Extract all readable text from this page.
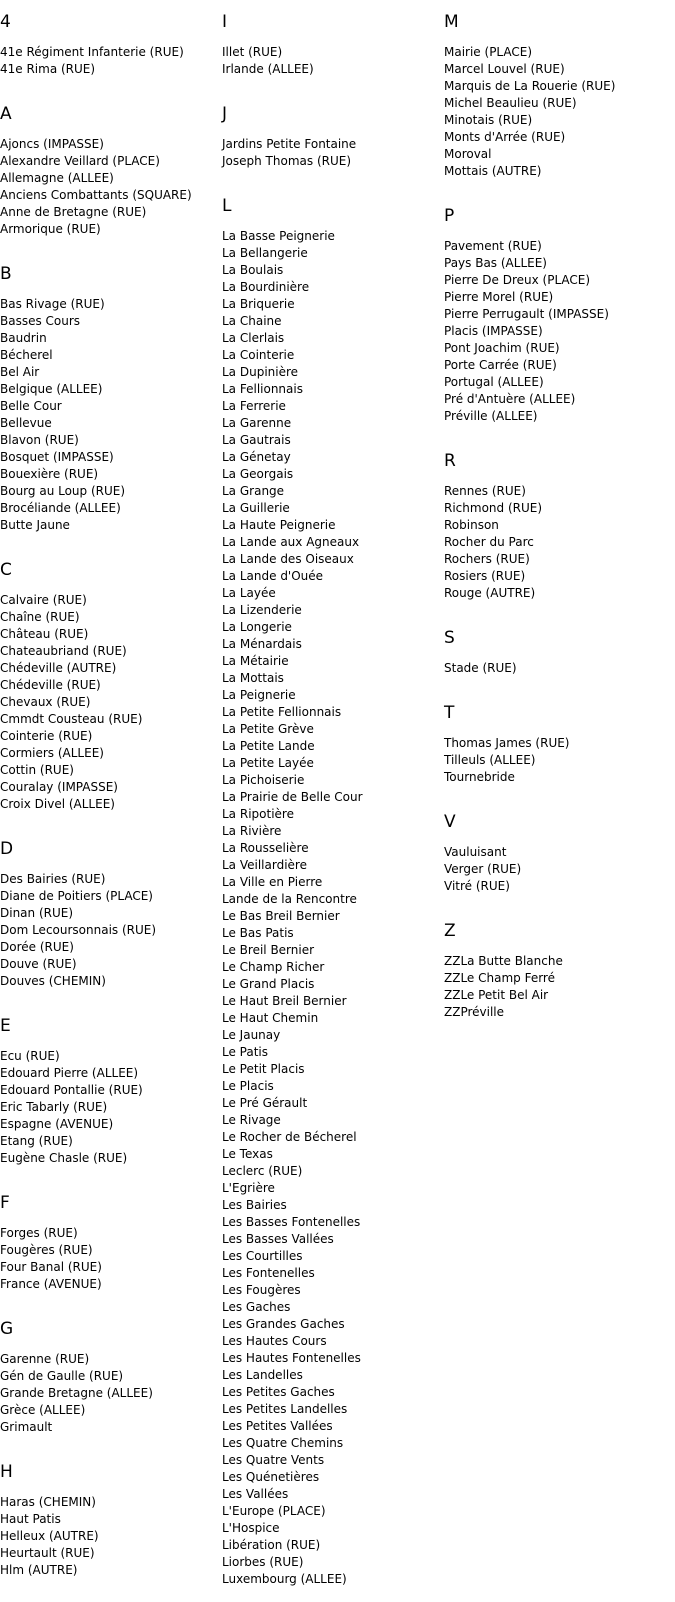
4
41e Régiment Infanterie (RUE)
41e Rima (RUE)
A
Ajoncs (IMPASSE)
Alexandre Veillard (PLACE)
Allemagne (ALLEE)
Anciens Combattants (SQUARE)
Anne de Bretagne (RUE)
Armorique (RUE)
B
Bas Rivage (RUE)
Basses Cours
Baudrin
Bécherel
Bel Air
Belgique (ALLEE)
Belle Cour
Bellevue
Blavon (RUE)
Bosquet (IMPASSE)
Bouexière (RUE)
Bourg au Loup (RUE)
Brocéliande (ALLEE)
Butte Jaune
C
Calvaire (RUE)
Chaîne (RUE)
Château (RUE)
Chateaubriand (RUE)
Chédeville (AUTRE)
Chédeville (RUE)
Chevaux (RUE)
Cmmdt Cousteau (RUE)
Cointerie (RUE)
Cormiers (ALLEE)
Cottin (RUE)
Couralay (IMPASSE)
Croix Divel (ALLEE)
D
Des Bairies (RUE)
Diane de Poitiers (PLACE)
Dinan (RUE)
Dom Lecoursonnais (RUE)
Dorée (RUE)
Douve (RUE)
Douves (CHEMIN)
E
Ecu (RUE)
Edouard Pierre (ALLEE)
Edouard Pontallie (RUE)
Eric Tabarly (RUE)
Espagne (AVENUE)
Etang (RUE)
Eugène Chasle (RUE)
F
Forges (RUE)
Fougères (RUE)
Four Banal (RUE)
France (AVENUE)
G
Garenne (RUE)
Gén de Gaulle (RUE)
Grande Bretagne (ALLEE)
Grèce (ALLEE)
Grimault
H
Haras (CHEMIN)
Haut Patis
Helleux (AUTRE)
Heurtault (RUE)
Hlm (AUTRE)
I
Illet (RUE)
Irlande (ALLEE)
J
Jardins Petite Fontaine
Joseph Thomas (RUE)
L
La Basse Peignerie
La Bellangerie
La Boulais
La Bourdinière
La Briquerie
La Chaine
La Clerlais
La Cointerie
La Dupinière
La Fellionnais
La Ferrerie
La Garenne
La Gautrais
La Génetay
La Georgais
La Grange
La Guillerie
La Haute Peignerie
La Lande aux Agneaux
La Lande des Oiseaux
La Lande d'Ouée
La Layée
La Lizenderie
La Longerie
La Ménardais
La Métairie
La Mottais
La Peignerie
La Petite Fellionnais
La Petite Grève
La Petite Lande
La Petite Layée
La Pichoiserie
La Prairie de Belle Cour
La Ripotière
La Rivière
La Rousselière
La Veillardière
La Ville en Pierre
Lande de la Rencontre
Le Bas Breil Bernier
Le Bas Patis
Le Breil Bernier
Le Champ Richer
Le Grand Placis
Le Haut Breil Bernier
Le Haut Chemin
Le Jaunay
Le Patis
Le Petit Placis
Le Placis
Le Pré Gérault
Le Rivage
Le Rocher de Bécherel
Le Texas
Leclerc (RUE)
L'Egrière
Les Bairies
Les Basses Fontenelles
Les Basses Vallées
Les Courtilles
Les Fontenelles
Les Fougères
Les Gaches
Les Grandes Gaches
Les Hautes Cours
Les Hautes Fontenelles
Les Landelles
Les Petites Gaches
Les Petites Landelles
Les Petites Vallées
Les Quatre Chemins
Les Quatre Vents
Les Quénetières
Les Vallées
L'Europe (PLACE)
L'Hospice
Libération (RUE)
Liorbes (RUE)
Luxembourg (ALLEE)
M
Mairie (PLACE)
Marcel Louvel (RUE)
Marquis de La Rouerie (RUE)
Michel Beaulieu (RUE)
Minotais (RUE)
Monts d'Arrée (RUE)
Moroval
Mottais (AUTRE)
P
Pavement (RUE)
Pays Bas (ALLEE)
Pierre De Dreux (PLACE)
Pierre Morel (RUE)
Pierre Perrugault (IMPASSE)
Placis (IMPASSE)
Pont Joachim (RUE)
Porte Carrée (RUE)
Portugal (ALLEE)
Pré d'Antuère (ALLEE)
Préville (ALLEE)
R
Rennes (RUE)
Richmond (RUE)
Robinson
Rocher du Parc
Rochers (RUE)
Rosiers (RUE)
Rouge (AUTRE)
S
Stade (RUE)
T
Thomas James (RUE)
Tilleuls (ALLEE)
Tournebride
V
Vauluisant
Verger (RUE)
Vitré (RUE)
Z
ZZLa Butte Blanche
ZZLe Champ Ferré
ZZLe Petit Bel Air
ZZPréville
